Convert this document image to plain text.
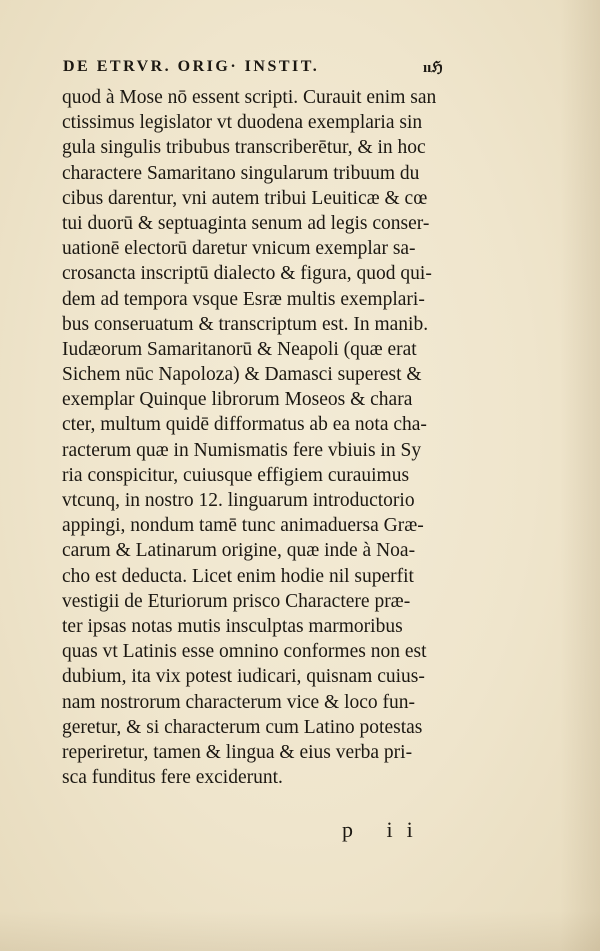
DE ETRVR. ORIG· INSTIT.	ııℌ
quod à Mose nō essent scripti. Curauit enim san
ctissimus legislator vt duodena exemplaria sin
gula singulis tribubus transcriberētur, & in hoc
charactere Samaritano singularum tribuum du
cibus darentur, vni autem tribui Leuiticæ & cœ
tui duorū & septuaginta senum ad legis conser-
uationē electorū daretur vnicum exemplar sa-
crosancta inscriptū dialecto & figura, quod qui-
dem ad tempora vsque Esræ multis exemplari-
bus conseruatum & transcriptum est. In manib.
Iudæorum Samaritanorū & Neapoli (quæ erat
Sichem nūc Napoloza) & Damasci superest &
exemplar Quinque librorum Moseos & chara
cter, multum quidē difformatus ab ea nota cha-
racterum quæ in Numismatis fere vbiuis in Sy
ria conspicitur, cuiusque effigiem curauimus
vtcunq, in nostro 12. linguarum introductorio
appingi, nondum tamē tunc animaduersa Græ-
carum & Latinarum origine, quæ inde à Noa-
cho est deducta. Licet enim hodie nil superfit
vestigii de Eturiorum prisco Charactere præ-
ter ipsas notas mutis insculptas marmoribus
quas vt Latinis esse omnino conformes non est
dubium, ita vix potest iudicari, quisnam cuius-
nam nostrorum characterum vice & loco fun-
geretur, & si characterum cum Latino potestas
reperiretur, tamen & lingua & eius verba pri-
sca funditus fere exciderunt.
p ii
